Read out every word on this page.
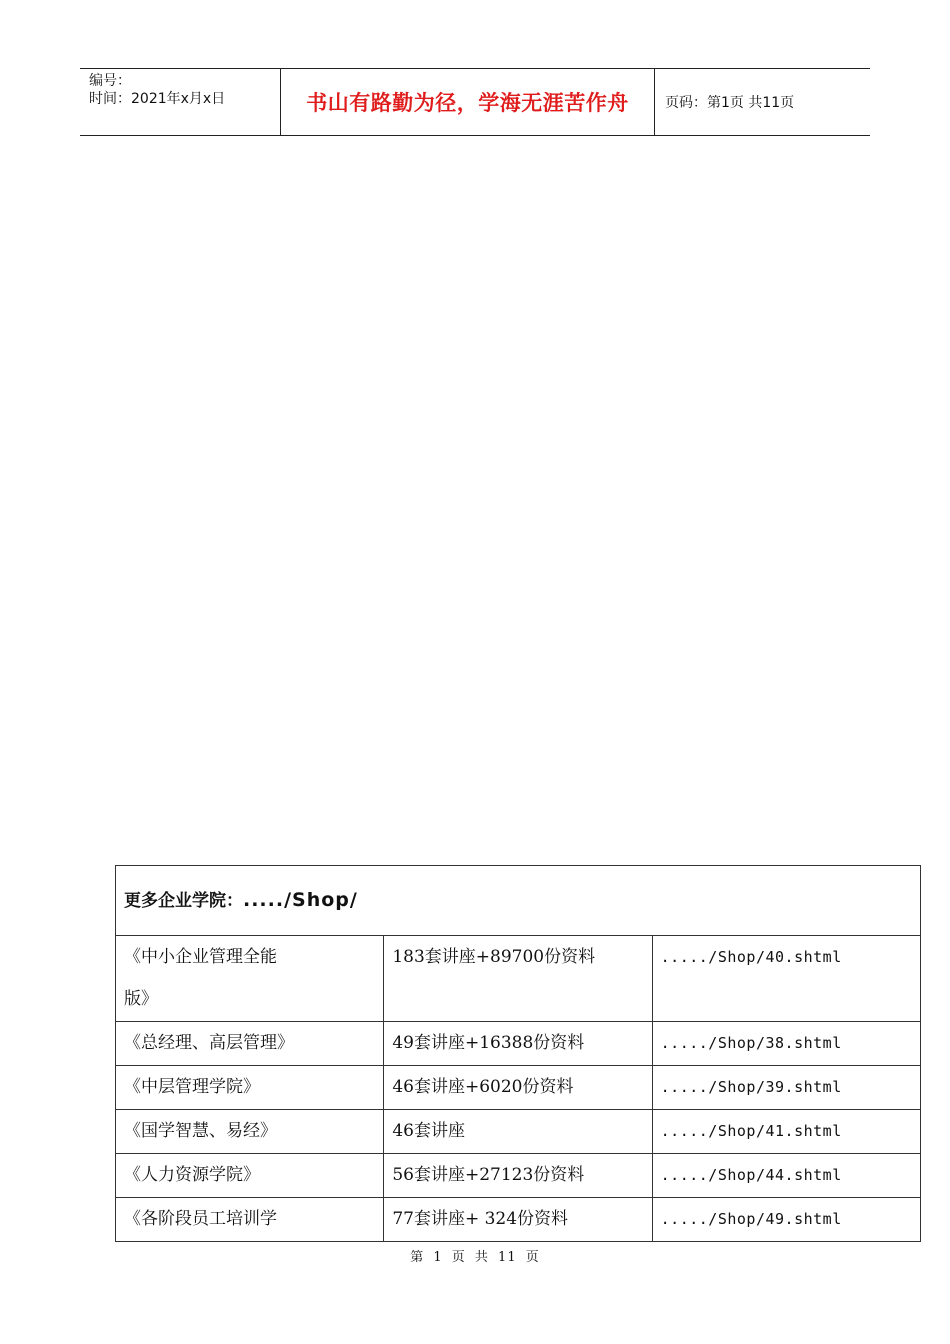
编号：
时间：2021年x月x日	书山有路勤为径，学海无涯苦作舟	页码：第1页 共11页
更多企业学院：...../Shop/		
《中小企业管理全能
版》	183套讲座+89700份资料	...../Shop/40.shtml
《总经理、高层管理》	49套讲座+16388份资料	...../Shop/38.shtml
《中层管理学院》	46套讲座+6020份资料	...../Shop/39.shtml
《国学智慧、易经》	46套讲座	...../Shop/41.shtml
《人力资源学院》	56套讲座+27123份资料	...../Shop/44.shtml
《各阶段员工培训学	77套讲座+ 324份资料	...../Shop/49.shtml
第 1 页 共 11 页
